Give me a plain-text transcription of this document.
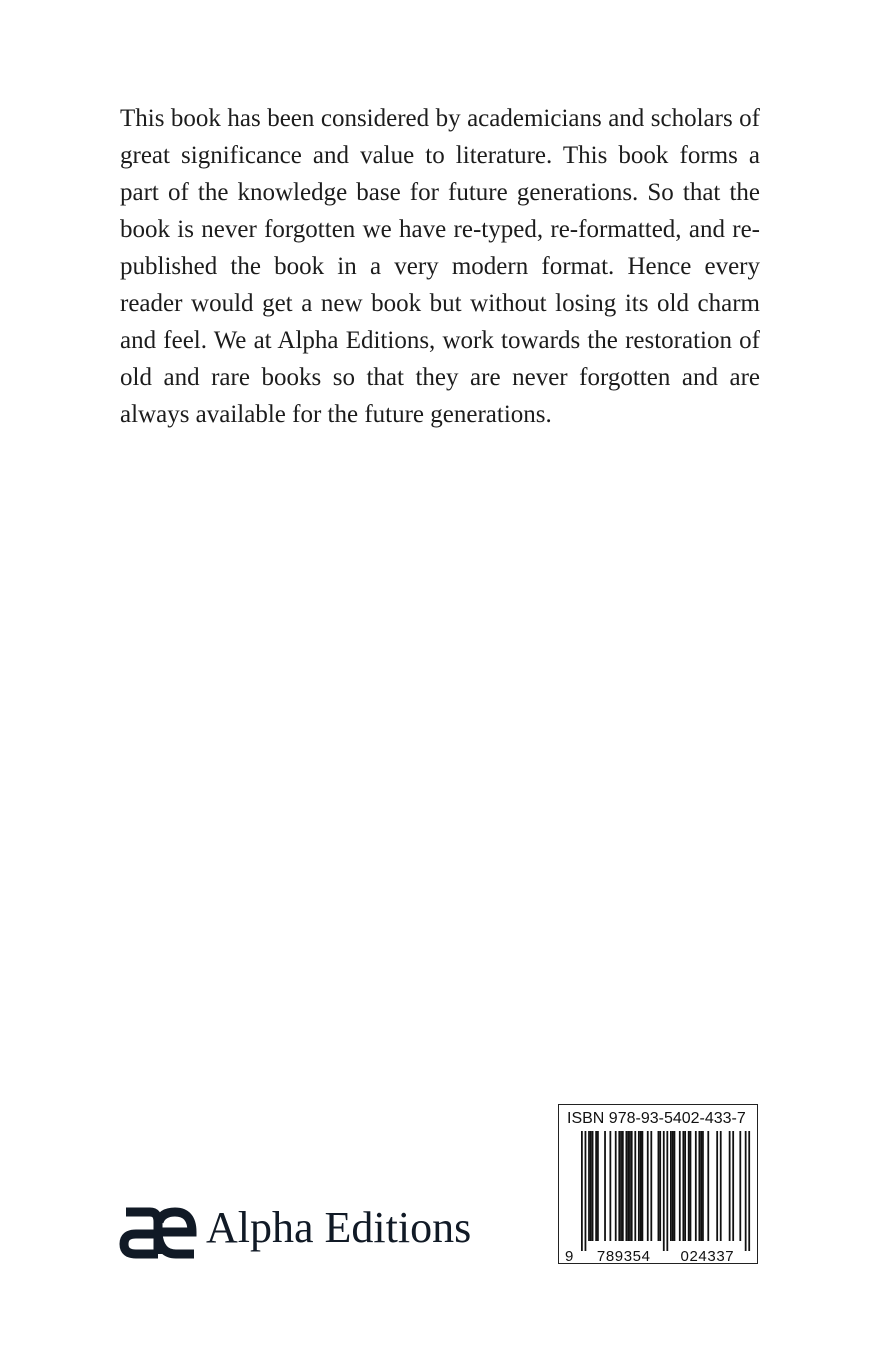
This book has been considered by academicians and scholars of great significance and value to literature. This book forms a part of the knowledge base for future generations. So that the book is never forgotten we have re-typed, re-formatted, and re-published the book in a very modern format. Hence every reader would get a new book but without losing its old charm and feel. We at Alpha Editions, work towards the restoration of old and rare books so that they are never forgotten and are always available for the future generations.

Alpha Editions
ISBN 978-93-5402-433-7
9 789354 024337
